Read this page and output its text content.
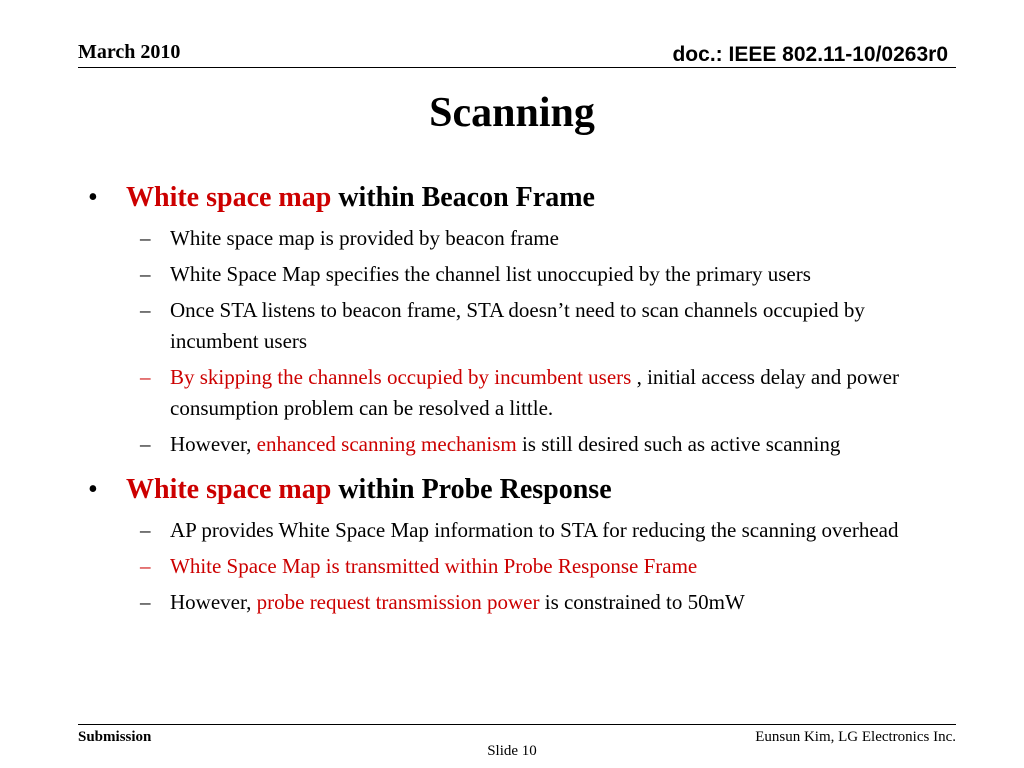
March 2010	doc.: IEEE 802.11-10/0263r0
Scanning
• White space map within Beacon Frame
– White space map is provided by beacon frame
– White Space Map specifies the channel list unoccupied by the primary users
– Once STA listens to beacon frame, STA doesn’t need to scan channels occupied by incumbent users
– By skipping the channels occupied by incumbent users , initial access delay and power consumption problem can be resolved a little.
– However, enhanced scanning mechanism is still desired such as active scanning
• White space map within Probe Response
– AP provides White Space Map information to STA for reducing the scanning overhead
– White Space Map is transmitted within Probe Response Frame
– However, probe request transmission power is constrained to 50mW
Submission	Eunsun Kim, LG Electronics Inc.
Slide 10
